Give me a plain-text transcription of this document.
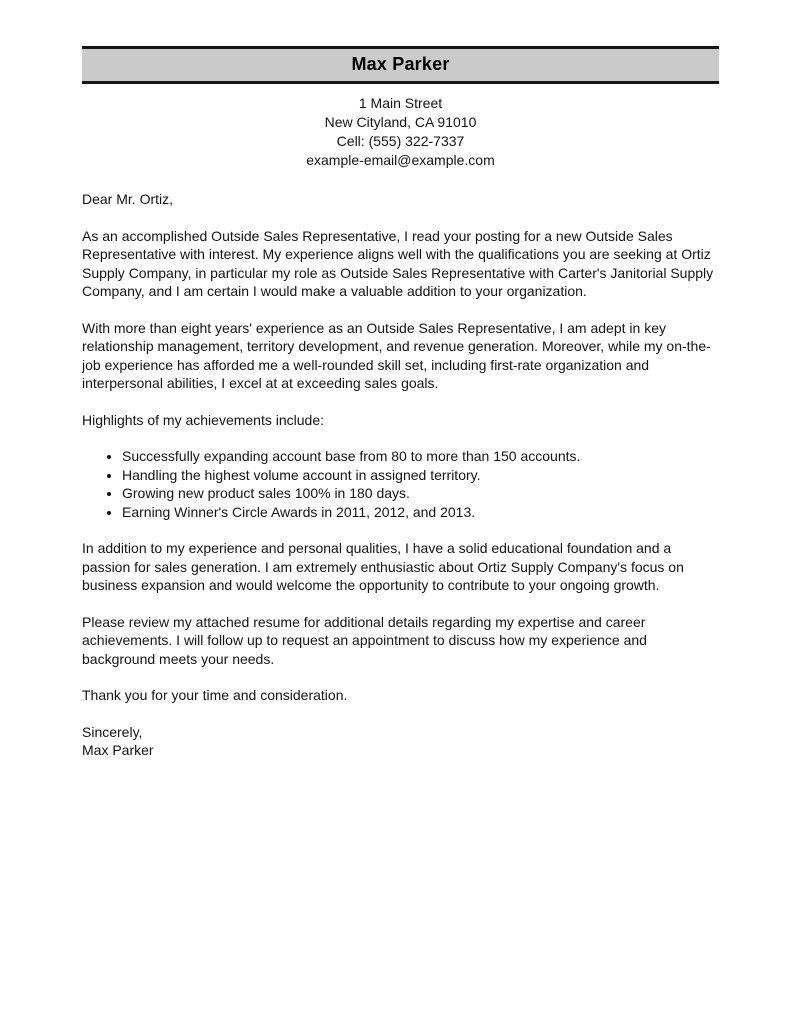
Max Parker
1 Main Street
New Cityland, CA 91010
Cell: (555) 322-7337
example-email@example.com

Dear Mr. Ortiz,

As an accomplished Outside Sales Representative, I read your posting for a new Outside Sales Representative with interest. My experience aligns well with the qualifications you are seeking at Ortiz Supply Company, in particular my role as Outside Sales Representative with Carter's Janitorial Supply Company, and I am certain I would make a valuable addition to your organization.

With more than eight years' experience as an Outside Sales Representative, I am adept in key relationship management, territory development, and revenue generation. Moreover, while my on-the-job experience has afforded me a well-rounded skill set, including first-rate organization and interpersonal abilities, I excel at at exceeding sales goals.

Highlights of my achievements include:

• Successfully expanding account base from 80 to more than 150 accounts.
• Handling the highest volume account in assigned territory.
• Growing new product sales 100% in 180 days.
• Earning Winner's Circle Awards in 2011, 2012, and 2013.

In addition to my experience and personal qualities, I have a solid educational foundation and a passion for sales generation. I am extremely enthusiastic about Ortiz Supply Company's focus on business expansion and would welcome the opportunity to contribute to your ongoing growth.

Please review my attached resume for additional details regarding my expertise and career achievements. I will follow up to request an appointment to discuss how my experience and background meets your needs.

Thank you for your time and consideration.

Sincerely,

Max Parker
